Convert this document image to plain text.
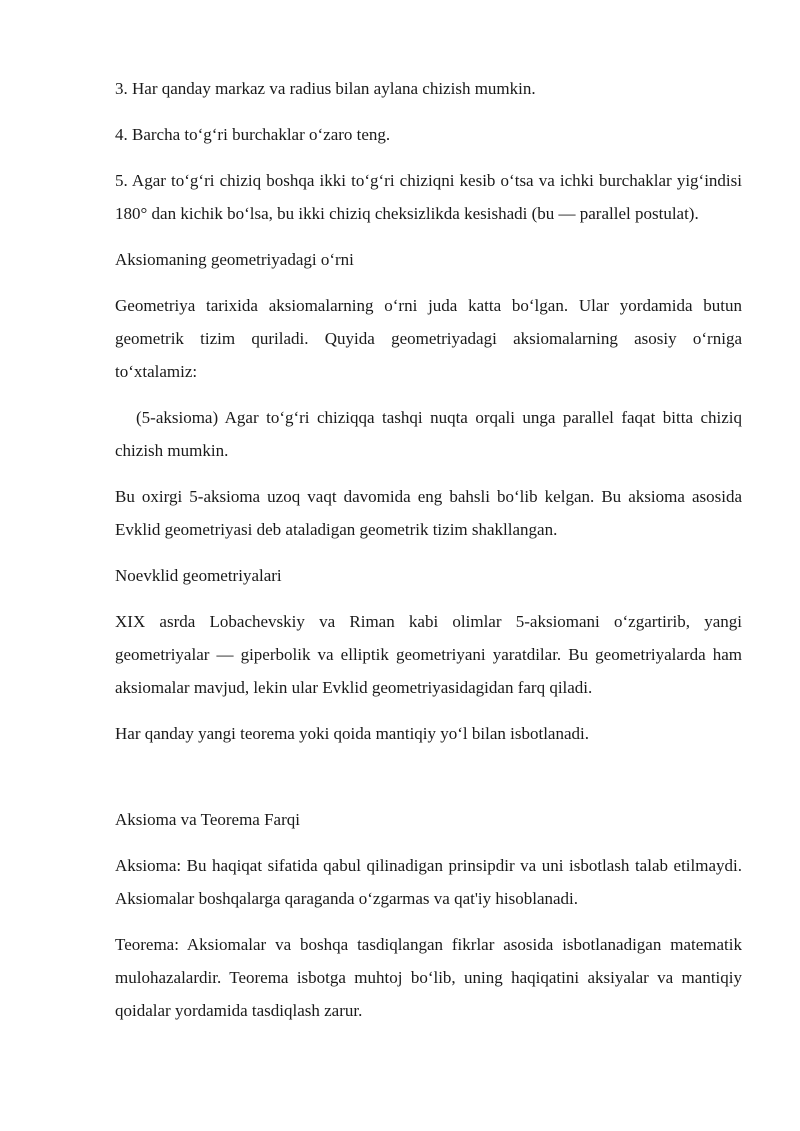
3. Har qanday markaz va radius bilan aylana chizish mumkin.

4. Barcha to‘g‘ri burchaklar o‘zaro teng.

5. Agar to‘g‘ri chiziq boshqa ikki to‘g‘ri chiziqni kesib o‘tsa va ichki burchaklar yig‘indisi 180° dan kichik bo‘lsa, bu ikki chiziq cheksizlikda kesishadi (bu — parallel postulat).

Aksiomaning geometriyadagi o‘rni

Geometriya tarixida aksiomalarning o‘rni juda katta bo‘lgan. Ular yordamida butun geometrik tizim quriladi. Quyida geometriyadagi aksiomalarning asosiy o‘rniga to‘xtalamiz:

(5-aksioma) Agar to‘g‘ri chiziqqa tashqi nuqta orqali unga parallel faqat bitta chiziq chizish mumkin.

Bu oxirgi 5-aksioma uzoq vaqt davomida eng bahsli bo‘lib kelgan. Bu aksioma asosida Evklid geometriyasi deb ataladigan geometrik tizim shakllangan.

Noevklid geometriyalari

XIX asrda Lobachevskiy va Riman kabi olimlar 5-aksiomani o‘zgartirib, yangi geometriyalar — giperbolik va elliptik geometriyani yaratdilar. Bu geometriyalarda ham aksiomalar mavjud, lekin ular Evklid geometriyasidagidan farq qiladi.

Har qanday yangi teorema yoki qoida mantiqiy yo‘l bilan isbotlanadi.

Aksioma va Teorema Farqi

Aksioma: Bu haqiqat sifatida qabul qilinadigan prinsipdir va uni isbotlash talab etilmaydi. Aksiomalar boshqalarga qaraganda o‘zgarmas va qat'iy hisoblanadi.

Teorema: Aksiomalar va boshqa tasdiqlangan fikrlar asosida isbotlanadigan matematik mulohazalardir. Teorema isbotga muhtoj bo‘lib, uning haqiqatini aksiyalar va mantiqiy qoidalar yordamida tasdiqlash zarur.
